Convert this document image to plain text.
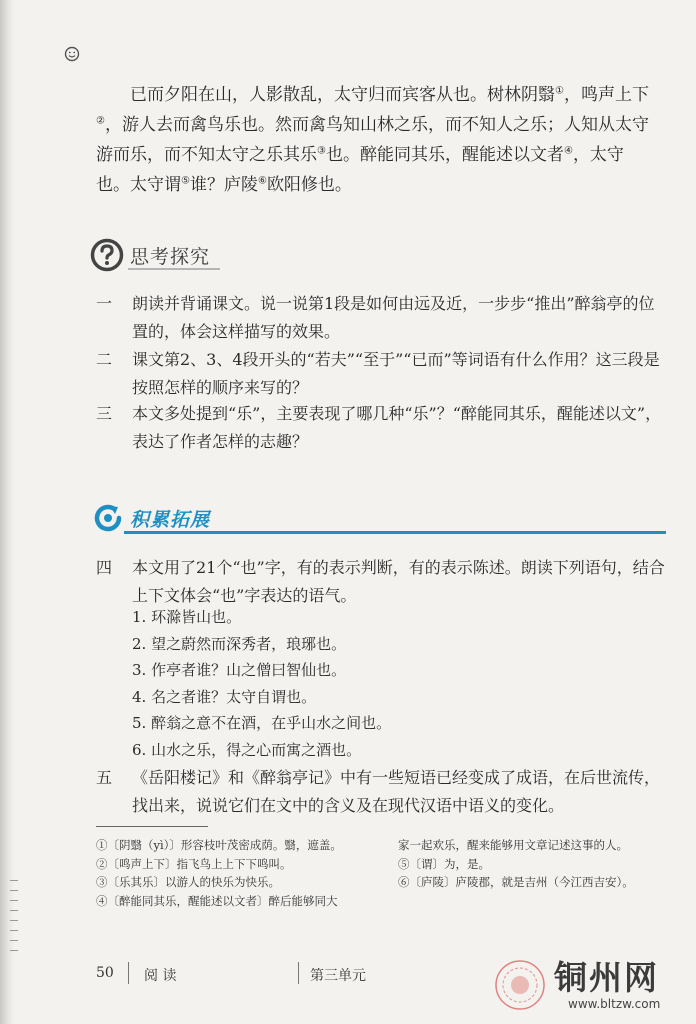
已而夕阳在山，人影散乱，太守归而宾客从也。树林阴翳①，鸣声上下②，游人去而禽鸟乐也。然而禽鸟知山林之乐，而不知人之乐；人知从太守游而乐，而不知太守之乐其乐③也。醉能同其乐，醒能述以文者④，太守也。太守谓⑤谁？庐陵⑥欧阳修也。

思考探究
一	朗读并背诵课文。说一说第1段是如何由远及近，一步步“推出”醉翁亭的位置的，体会这样描写的效果。
二	课文第2、3、4段开头的“若夫”“至于”“已而”等词语有什么作用？这三段是按照怎样的顺序来写的？
三	本文多处提到“乐”，主要表现了哪几种“乐”？“醉能同其乐，醒能述以文”，表达了作者怎样的志趣？
积累拓展
四	本文用了21个“也”字，有的表示判断，有的表示陈述。朗读下列语句，结合上下文体会“也”字表达的语气。
1. 环滁皆山也。
2. 望之蔚然而深秀者，琅琊也。
3. 作亭者谁？山之僧曰智仙也。
4. 名之者谁？太守自谓也。
5. 醉翁之意不在酒，在乎山水之间也。
6. 山水之乐，得之心而寓之酒也。
五	《岳阳楼记》和《醉翁亭记》中有一些短语已经变成了成语，在后世流传，找出来，说说它们在文中的含义及在现代汉语中语义的变化。
①〔阴翳（yì）〕形容枝叶茂密成荫。翳，遮盖。
②〔鸣声上下〕指飞鸟上上下下鸣叫。
③〔乐其乐〕以游人的快乐为快乐。
④〔醉能同其乐，醒能述以文者〕醉后能够同大
家一起欢乐，醒来能够用文章记述这事的人。
⑤〔谓〕为，是。
⑥〔庐陵〕庐陵郡，就是吉州（今江西吉安）。
50 阅 读	第三单元	铜州网
www.bltzw.com
